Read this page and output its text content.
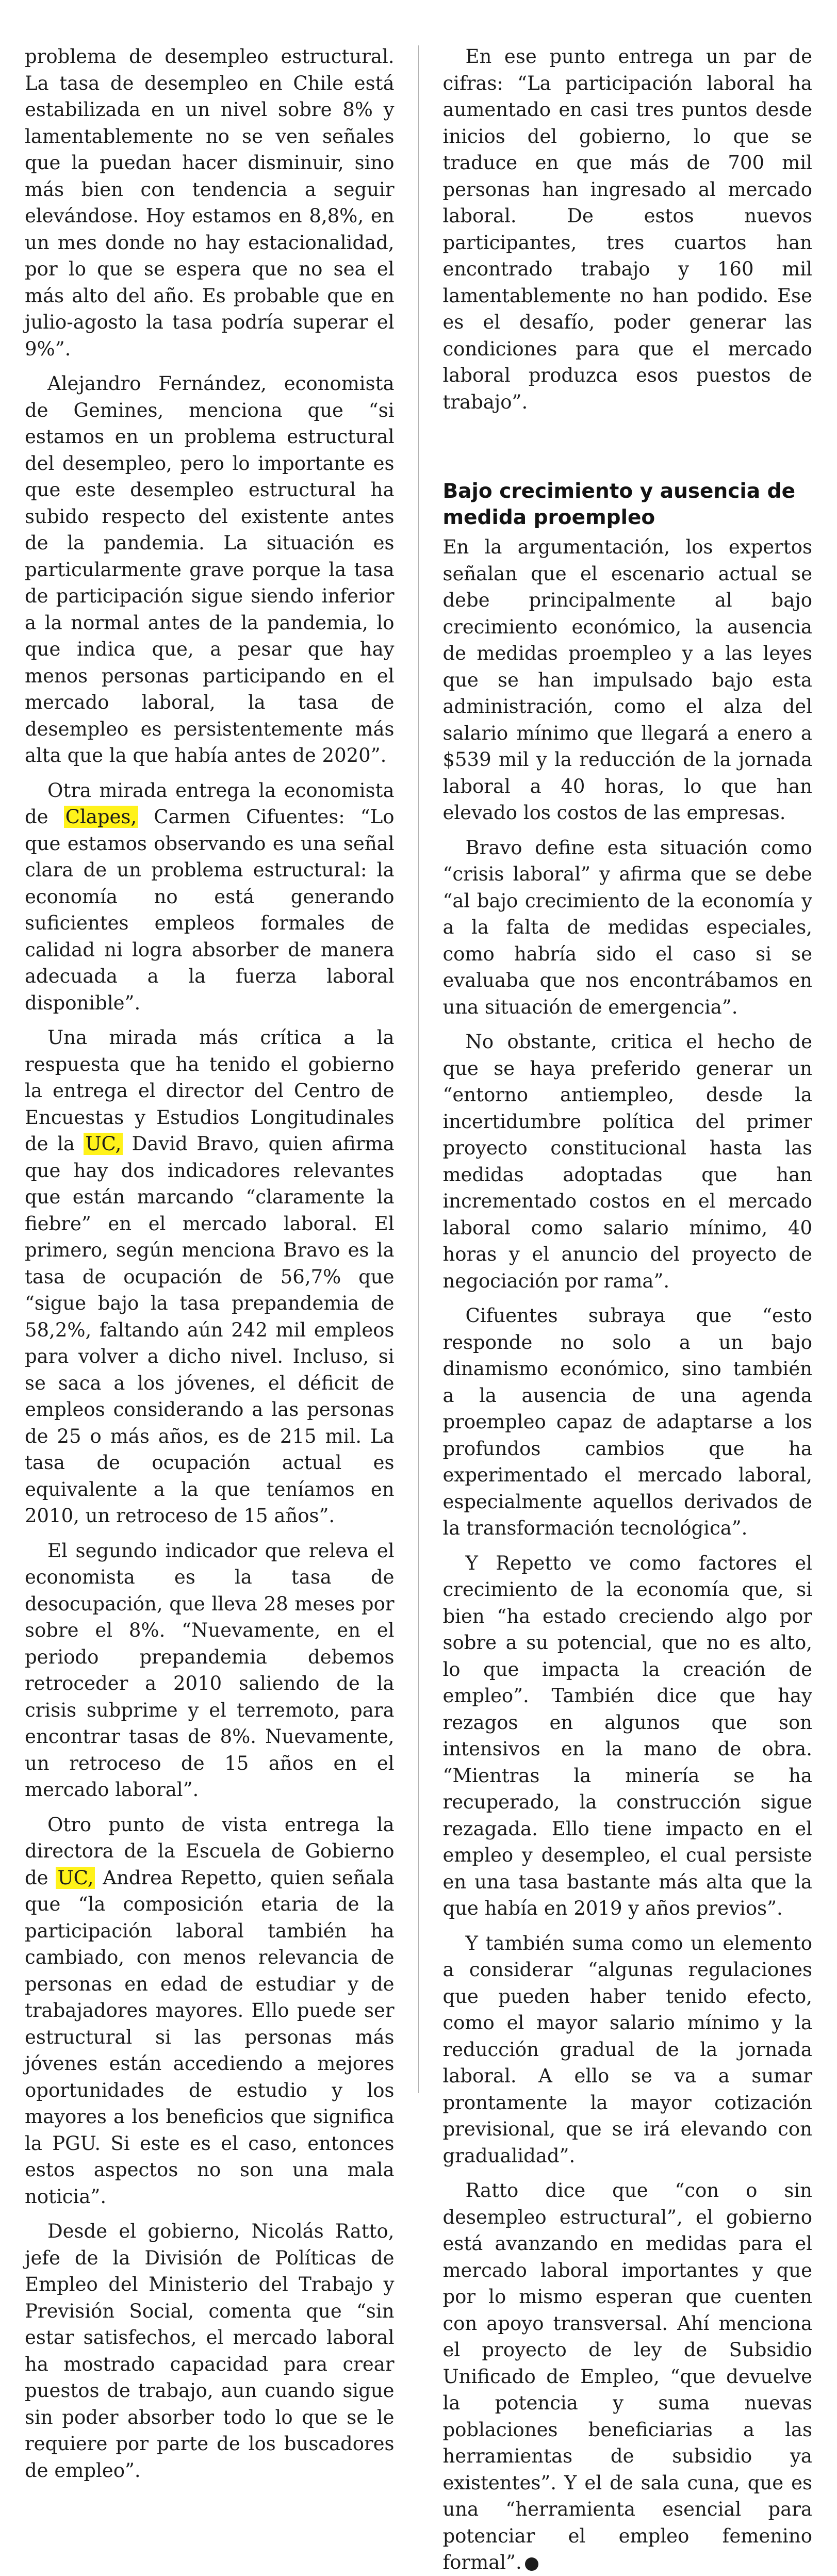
problema de desempleo estructural. La tasa de desempleo en Chile está estabilizada en un nivel sobre 8% y lamentablemente no se ven señales que la puedan hacer disminuir, sino más bien con tendencia a seguir elevándose. Hoy estamos en 8,8%, en un mes donde no hay estacionalidad, por lo que se espera que no sea el más alto del año. Es probable que en julio-agosto la tasa podría superar el 9%”.

Alejandro Fernández, economista de Gemines, menciona que “si estamos en un problema estructural del desempleo, pero lo importante es que este desempleo estructural ha subido respecto del existente antes de la pandemia. La situación es particularmente grave porque la tasa de participación sigue siendo inferior a la normal antes de la pandemia, lo que indica que, a pesar que hay menos personas participando en el mercado laboral, la tasa de desempleo es persistentemente más alta que la que había antes de 2020”.

Otra mirada entrega la economista de Clapes, Carmen Cifuentes: “Lo que estamos observando es una señal clara de un problema estructural: la economía no está generando suficientes empleos formales de calidad ni logra absorber de manera adecuada a la fuerza laboral disponible”.

Una mirada más crítica a la respuesta que ha tenido el gobierno la entrega el director del Centro de Encuestas y Estudios Longitudinales de la UC, David Bravo, quien afirma que hay dos indicadores relevantes que están marcando “claramente la fiebre” en el mercado laboral. El primero, según menciona Bravo es la tasa de ocupación de 56,7% que “sigue bajo la tasa prepandemia de 58,2%, faltando aún 242 mil empleos para volver a dicho nivel. Incluso, si se saca a los jóvenes, el déficit de empleos considerando a las personas de 25 o más años, es de 215 mil. La tasa de ocupación actual es equivalente a la que teníamos en 2010, un retroceso de 15 años”.

El segundo indicador que releva el economista es la tasa de desocupación, que lleva 28 meses por sobre el 8%. “Nuevamente, en el periodo prepandemia debemos retroceder a 2010 saliendo de la crisis subprime y el terremoto, para encontrar tasas de 8%. Nuevamente, un retroceso de 15 años en el mercado laboral”.

Otro punto de vista entrega la directora de la Escuela de Gobierno de UC, Andrea Repetto, quien señala que “la composición etaria de la participación laboral también ha cambiado, con menos relevancia de personas en edad de estudiar y de trabajadores mayores. Ello puede ser estructural si las personas más jóvenes están accediendo a mejores oportunidades de estudio y los mayores a los beneficios que significa la PGU. Si este es el caso, entonces estos aspectos no son una mala noticia”.

Desde el gobierno, Nicolás Ratto, jefe de la División de Políticas de Empleo del Ministerio del Trabajo y Previsión Social, comenta que “sin estar satisfechos, el mercado laboral ha mostrado capacidad para crear puestos de trabajo, aun cuando sigue sin poder absorber todo lo que se le requiere por parte de los buscadores de empleo”.

En ese punto entrega un par de cifras: “La participación laboral ha aumentado en casi tres puntos desde inicios del gobierno, lo que se traduce en que más de 700 mil personas han ingresado al mercado laboral. De estos nuevos participantes, tres cuartos han encontrado trabajo y 160 mil lamentablemente no han podido. Ese es el desafío, poder generar las condiciones para que el mercado laboral produzca esos puestos de trabajo”.

Bajo crecimiento y ausencia de medida proempleo

En la argumentación, los expertos señalan que el escenario actual se debe principalmente al bajo crecimiento económico, la ausencia de medidas proempleo y a las leyes que se han impulsado bajo esta administración, como el alza del salario mínimo que llegará a enero a $539 mil y la reducción de la jornada laboral a 40 horas, lo que han elevado los costos de las empresas.

Bravo define esta situación como “crisis laboral” y afirma que se debe “al bajo crecimiento de la economía y a la falta de medidas especiales, como habría sido el caso si se evaluaba que nos encontrábamos en una situación de emergencia”.

No obstante, critica el hecho de que se haya preferido generar un “entorno antiempleo, desde la incertidumbre política del primer proyecto constitucional hasta las medidas adoptadas que han incrementado costos en el mercado laboral como salario mínimo, 40 horas y el anuncio del proyecto de negociación por rama”.

Cifuentes subraya que “esto responde no solo a un bajo dinamismo económico, sino también a la ausencia de una agenda proempleo capaz de adaptarse a los profundos cambios que ha experimentado el mercado laboral, especialmente aquellos derivados de la transformación tecnológica”.

Y Repetto ve como factores el crecimiento de la economía que, si bien “ha estado creciendo algo por sobre a su potencial, que no es alto, lo que impacta la creación de empleo”. También dice que hay rezagos en algunos que son intensivos en la mano de obra. “Mientras la minería se ha recuperado, la construcción sigue rezagada. Ello tiene impacto en el empleo y desempleo, el cual persiste en una tasa bastante más alta que la que había en 2019 y años previos”.

Y también suma como un elemento a considerar “algunas regulaciones que pueden haber tenido efecto, como el mayor salario mínimo y la reducción gradual de la jornada laboral. A ello se va a sumar prontamente la mayor cotización previsional, que se irá elevando con gradualidad”.

Ratto dice que “con o sin desempleo estructural”, el gobierno está avanzando en medidas para el mercado laboral importantes y que por lo mismo esperan que cuenten con apoyo transversal. Ahí menciona el proyecto de ley de Subsidio Unificado de Empleo, “que devuelve la potencia y suma nuevas poblaciones beneficiarias a las herramientas de subsidio ya existentes”. Y el de sala cuna, que es una “herramienta esencial para potenciar el empleo femenino formal”.	✿
